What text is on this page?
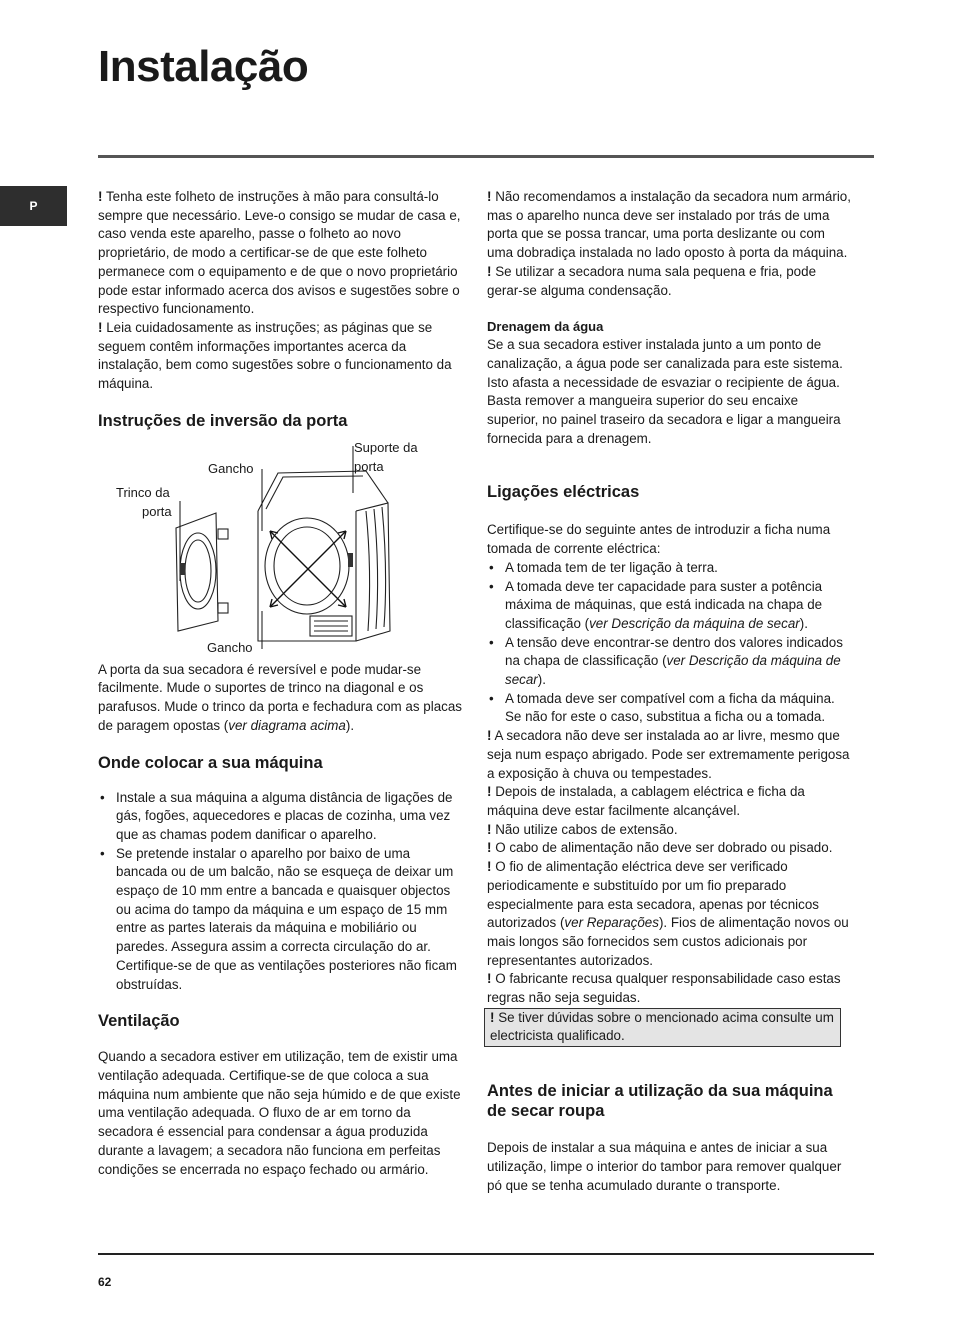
Instalação
P

! Tenha este folheto de instruções à mão para consultá-lo sempre que necessário. Leve-o consigo se mudar de casa e, caso venda este aparelho, passe o folheto ao novo proprietário, de modo a certificar-se de que este folheto permanece com o equipamento e de que o novo proprietário pode estar informado acerca dos avisos e sugestões sobre o respectivo funcionamento.

! Leia cuidadosamente as instruções; as páginas que se seguem contêm informações importantes acerca da instalação, bem como sugestões sobre o funcionamento da máquina.

Instruções de inversão da porta
Gancho
Suporte da
porta
Trinco da
porta
Gancho

A porta da sua secadora é reversível e pode mudar-se facilmente. Mude o suportes de trinco na diagonal e os parafusos. Mude o trinco da porta e fechadura com as placas de paragem opostas (ver diagrama acima).

Onde colocar a sua máquina
• Instale a sua máquina a alguma distância de ligações de gás, fogões, aquecedores e placas de cozinha, uma vez que as chamas podem danificar o aparelho.
• Se pretende instalar o aparelho por baixo de uma bancada ou de um balcão, não se esqueça de deixar um espaço de 10 mm entre a bancada e quaisquer objectos ou acima do tampo da máquina e um espaço de 15 mm entre as partes laterais da máquina e mobiliário ou paredes. Assegura assim a correcta circulação do ar. Certifique-se de que as ventilações posteriores não ficam obstruídas.
Ventilação

Quando a secadora estiver em utilização, tem de existir uma ventilação adequada. Certifique-se de que coloca a sua máquina num ambiente que não seja húmido e de que existe uma ventilação adequada. O fluxo de ar em torno da secadora é essencial para condensar a água produzida durante a lavagem; a secadora não funciona em perfeitas condições se encerrada no espaço fechado ou armário.

! Não recomendamos a instalação da secadora num armário, mas o aparelho nunca deve ser instalado por trás de uma porta que se possa trancar, uma porta deslizante ou com uma dobradiça instalada no lado oposto à porta da máquina.

! Se utilizar a secadora numa sala pequena e fria, pode gerar-se alguma condensação.

Drenagem da água

Se a sua secadora estiver instalada junto a um ponto de canalização, a água pode ser canalizada para este sistema. Isto afasta a necessidade de esvaziar o recipiente de água. Basta remover a mangueira superior do seu encaixe superior, no painel traseiro da secadora e ligar a mangueira fornecida para a drenagem.

Ligações eléctricas

Certifique-se do seguinte antes de introduzir a ficha numa tomada de corrente eléctrica:

• A tomada tem de ter ligação à terra.
• A tomada deve ter capacidade para suster a potência máxima de máquinas, que está indicada na chapa de classificação (ver Descrição da máquina de secar).
• A tensão deve encontrar-se dentro dos valores indicados na chapa de classificação (ver Descrição da máquina de secar).
• A tomada deve ser compatível com a ficha da máquina. Se não for este o caso, substitua a ficha ou a tomada.

! A secadora não deve ser instalada ao ar livre, mesmo que seja num espaço abrigado. Pode ser extremamente perigosa a exposição à chuva ou tempestades.

! Depois de instalada, a cablagem eléctrica e ficha da máquina deve estar facilmente alcançável.

! Não utilize cabos de extensão.

! O cabo de alimentação não deve ser dobrado ou pisado.

! O fio de alimentação eléctrica deve ser verificado periodicamente e substituído por um fio preparado especialmente para esta secadora, apenas por técnicos autorizados (ver Reparações). Fios de alimentação novos ou mais longos são fornecidos sem custos adicionais por representantes autorizados.

! O fabricante recusa qualquer responsabilidade caso estas regras não seja seguidas.

! Se tiver dúvidas sobre o mencionado acima consulte um electricista qualificado.

Antes de iniciar a utilização da sua máquina de secar roupa

Depois de instalar a sua máquina e antes de iniciar a sua utilização, limpe o interior do tambor para remover qualquer pó que se tenha acumulado durante o transporte.

62
